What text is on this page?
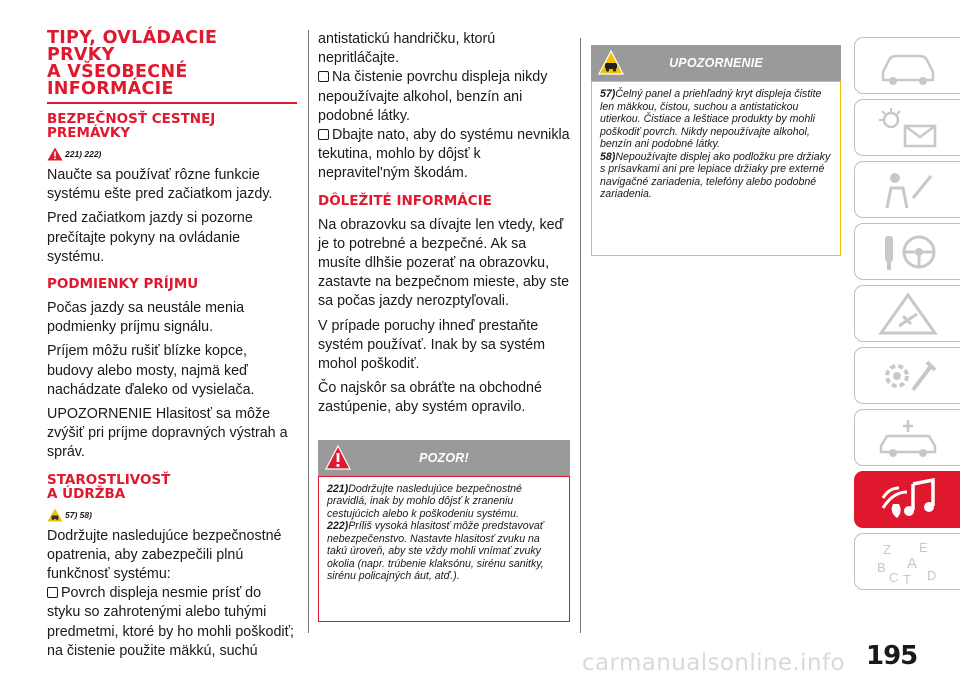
TIPY, OVLÁDACIE
PRVKY
A VŠEOBECNÉ
INFORMÁCIE
BEZPEČNOSŤ CESTNEJ
PREMÁVKY
221) 222)

Naučte sa používať rôzne funkcie systému ešte pred začiatkom jazdy.

Pred začiatkom jazdy si pozorne prečítajte pokyny na ovládanie systému.

PODMIENKY PRÍJMU

Počas jazdy sa neustále menia podmienky príjmu signálu.

Príjem môžu rušiť blízke kopce, budovy alebo mosty, najmä keď nachádzate ďaleko od vysielača.

UPOZORNENIE Hlasitosť sa môže zvýšiť pri príjme dopravných výstrah a správ.

STAROSTLIVOSŤ
A ÚDRŽBA
57) 58)

Dodržujte nasledujúce bezpečnostné opatrenia, aby zabezpečili plnú funkčnosť systému:

Povrch displeja nesmie prísť do styku so zahrotenými alebo tuhými predmetmi, ktoré by ho mohli poškodiť; na čistenie použite mäkkú, suchú

antistatickú handričku, ktorú nepritláčajte.

Na čistenie povrchu displeja nikdy nepoužívajte alkohol, benzín ani podobné látky.

Dbajte nato, aby do systému nevnikla tekutina, mohlo by dôjsť k nepravitel'ným škodám.

DÔLEŽITÉ INFORMÁCIE

Na obrazovku sa dívajte len vtedy, keď je to potrebné a bezpečné. Ak sa musíte dlhšie pozerať na obrazovku, zastavte na bezpečnom mieste, aby ste sa počas jazdy nerozptyľovali.

V prípade poruchy ihneď prestaňte systém používať. Inak by sa systém mohol poškodiť.

Čo najskôr sa obráťte na obchodné zastúpenie, aby systém opravilo.

POZOR!
221)Dodržujte nasledujúce bezpečnostné pravidlá, inak by mohlo dôjsť k zraneniu cestujúcich alebo k poškodeniu systému.
222)Príliš vysoká hlasitosť môže predstavovať nebezpečenstvo. Nastavte hlasitosť zvuku na takú úroveň, aby ste vždy mohli vnímať zvuky okolia (napr. trúbenie klaksónu, sirénu sanitky, sirénu policajných áut, atď.).
UPOZORNENIE
57)Čelný panel a priehľadný kryt displeja čistite len mäkkou, čistou, suchou a antistatickou utierkou. Čistiace a leštiace produkty by mohli poškodiť povrch. Nikdy nepoužívajte alkohol, benzín ani podobné látky.
58)Nepoužívajte displej ako podložku pre držiaky s prísavkami ani pre lepiace držiaky pre externé navigačné zariadenia, telefóny alebo podobné zariadenia.
Z E
B A
C T D
carmanualsonline.info 195
